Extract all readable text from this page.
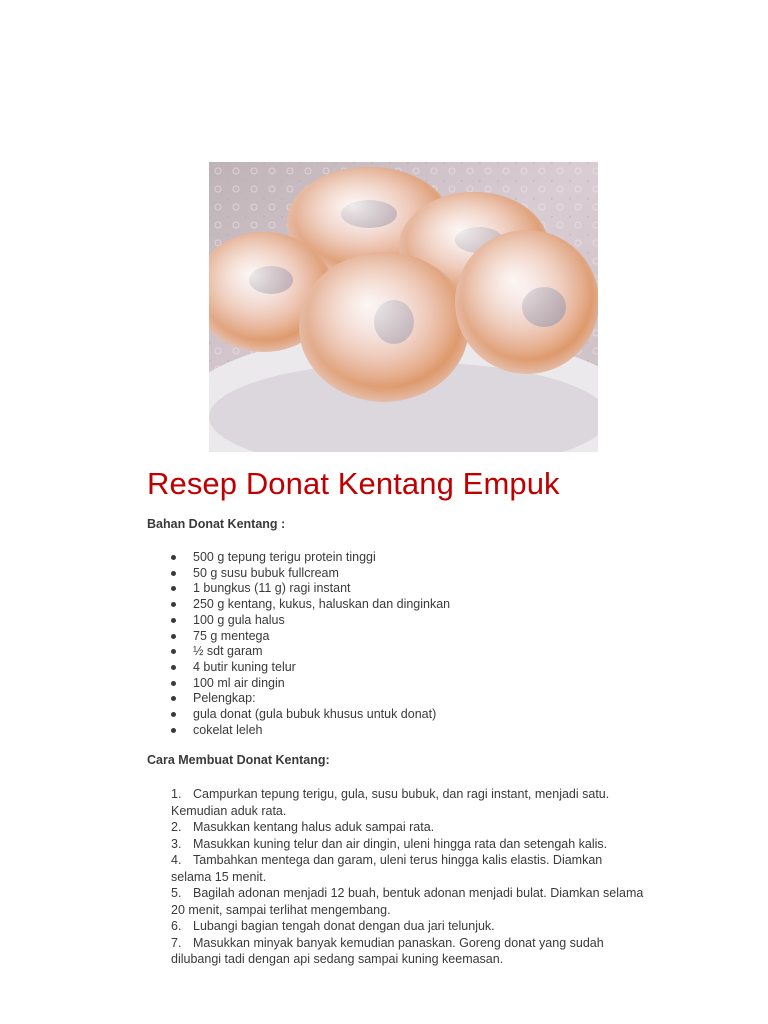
Resep Donat Kentang Empuk

Bahan Donat Kentang :

500 g tepung terigu protein tinggi
50 g susu bubuk fullcream
1 bungkus (11 g) ragi instant
250 g kentang, kukus, haluskan dan dinginkan
100 g gula halus
75 g mentega
½ sdt garam
4 butir kuning telur
100 ml air dingin
Pelengkap:
gula donat (gula bubuk khusus untuk donat)
cokelat leleh

Cara Membuat Donat Kentang:

1. Campurkan tepung terigu, gula, susu bubuk, dan ragi instant, menjadi satu.
Kemudian aduk rata.
2. Masukkan kentang halus aduk sampai rata.
3. Masukkan kuning telur dan air dingin, uleni hingga rata dan setengah kalis.
4. Tambahkan mentega dan garam, uleni terus hingga kalis elastis. Diamkan
selama 15 menit.
5. Bagilah adonan menjadi 12 buah, bentuk adonan menjadi bulat. Diamkan selama
20 menit, sampai terlihat mengembang.
6. Lubangi bagian tengah donat dengan dua jari telunjuk.
7. Masukkan minyak banyak kemudian panaskan. Goreng donat yang sudah
dilubangi tadi dengan api sedang sampai kuning keemasan.
